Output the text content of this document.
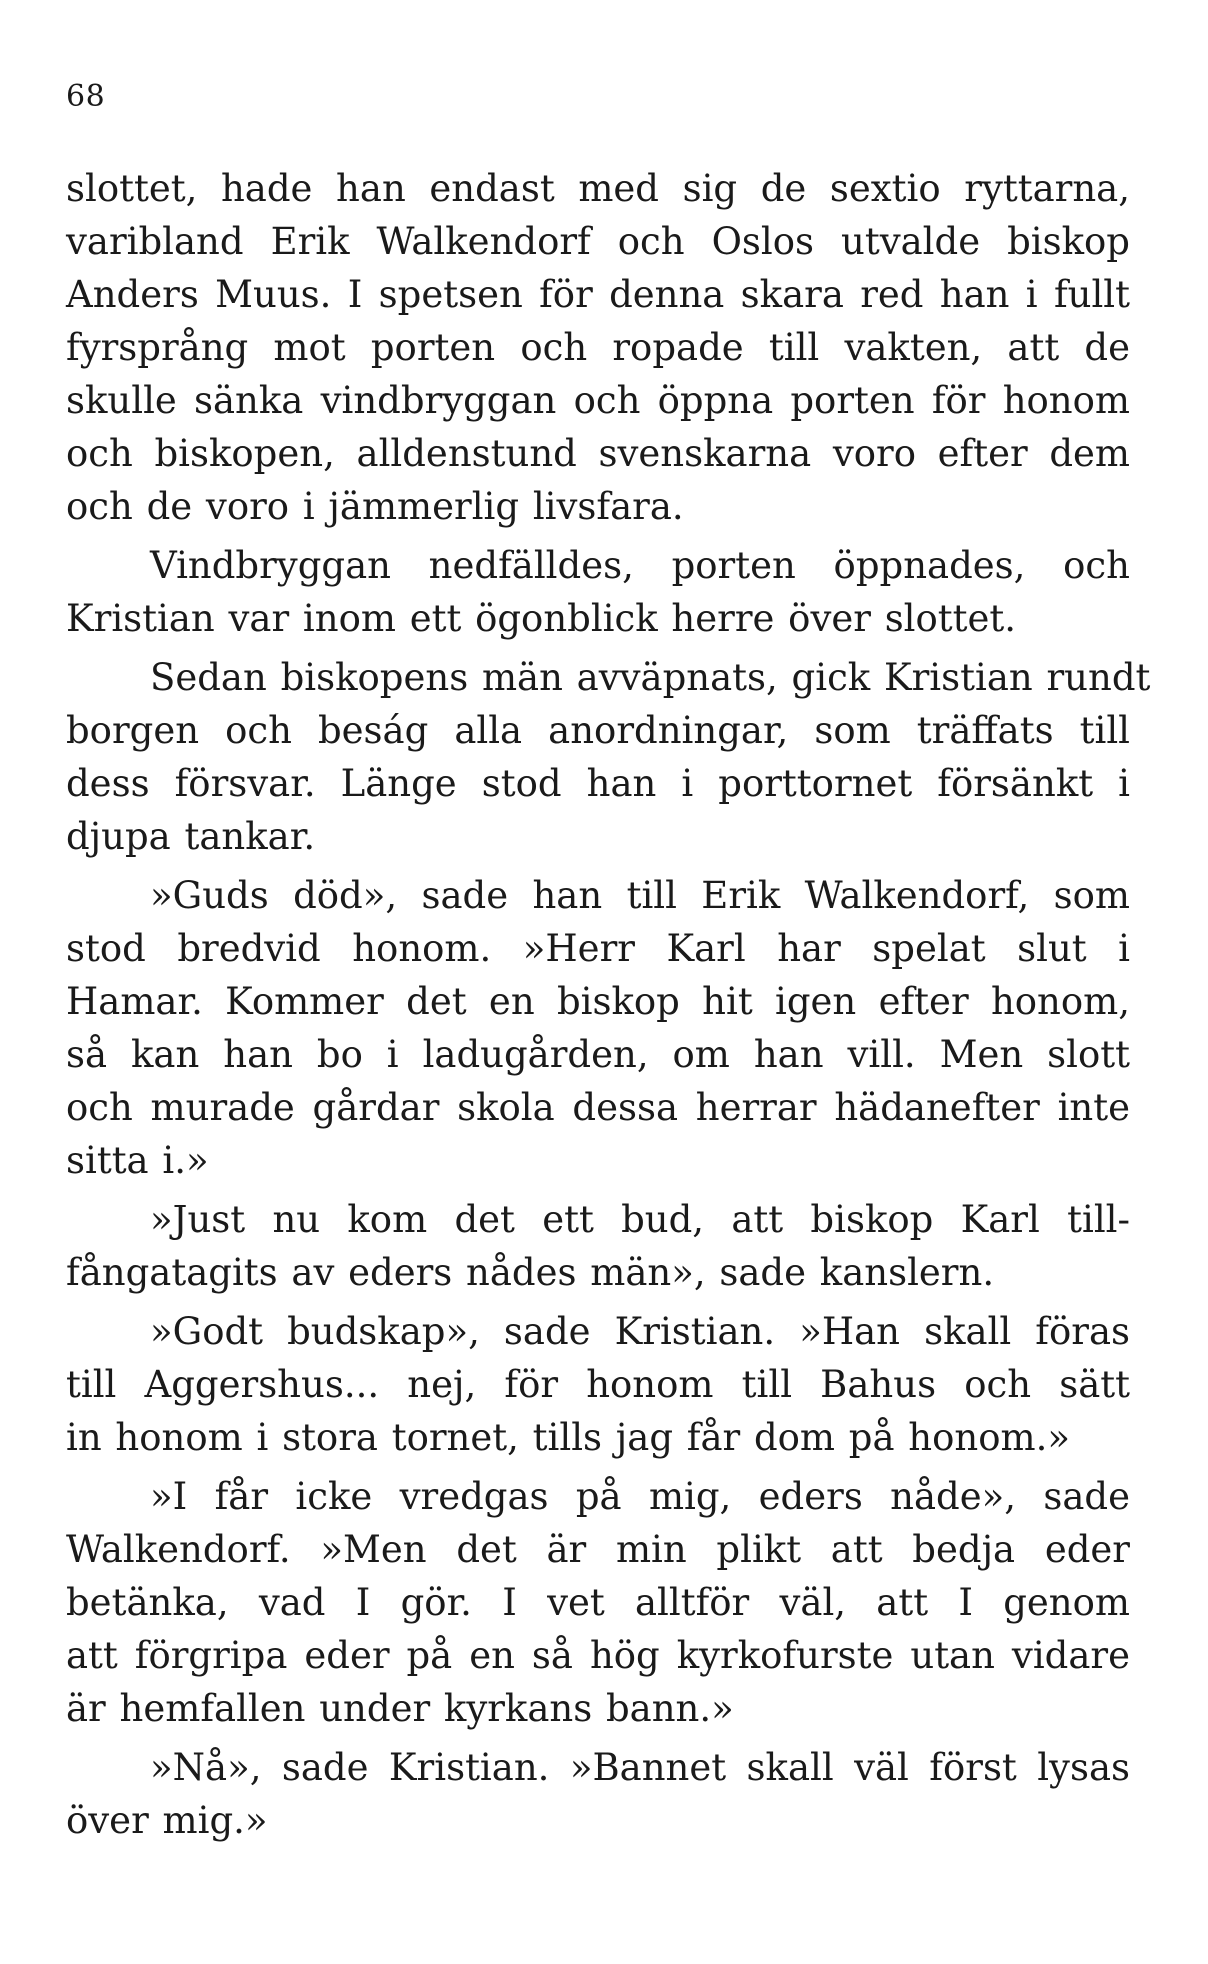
68
slottet, hade han endast med sig de sextio ryttarna,
varibland Erik Walkendorf och Oslos utvalde biskop
Anders Muus. I spetsen för denna skara red han i fullt
fyrsprång mot porten och ropade till vakten, att de
skulle sänka vindbryggan och öppna porten för honom
och biskopen, alldenstund svenskarna voro efter dem
och de voro i jämmerlig livsfara.
Vindbryggan nedfälldes, porten öppnades, och
Kristian var inom ett ögonblick herre över slottet.
Sedan biskopens män avväpnats, gick Kristian rundt
borgen och beság alla anordningar, som träffats till
dess försvar. Länge stod han i porttornet försänkt i
djupa tankar.
»Guds död», sade han till Erik Walkendorf, som
stod bredvid honom. »Herr Karl har spelat slut i
Hamar. Kommer det en biskop hit igen efter honom,
så kan han bo i ladugården, om han vill. Men slott
och murade gårdar skola dessa herrar hädanefter inte
sitta i.»
»Just nu kom det ett bud, att biskop Karl till-
fångatagits av eders nådes män», sade kanslern.
»Godt budskap», sade Kristian. »Han skall föras
till Aggershus... nej, för honom till Bahus och sätt
in honom i stora tornet, tills jag får dom på honom.»
»I får icke vredgas på mig, eders nåde», sade
Walkendorf. »Men det är min plikt att bedja eder
betänka, vad I gör. I vet alltför väl, att I genom
att förgripa eder på en så hög kyrkofurste utan vidare
är hemfallen under kyrkans bann.»
»Nå», sade Kristian. »Bannet skall väl först lysas
över mig.»
